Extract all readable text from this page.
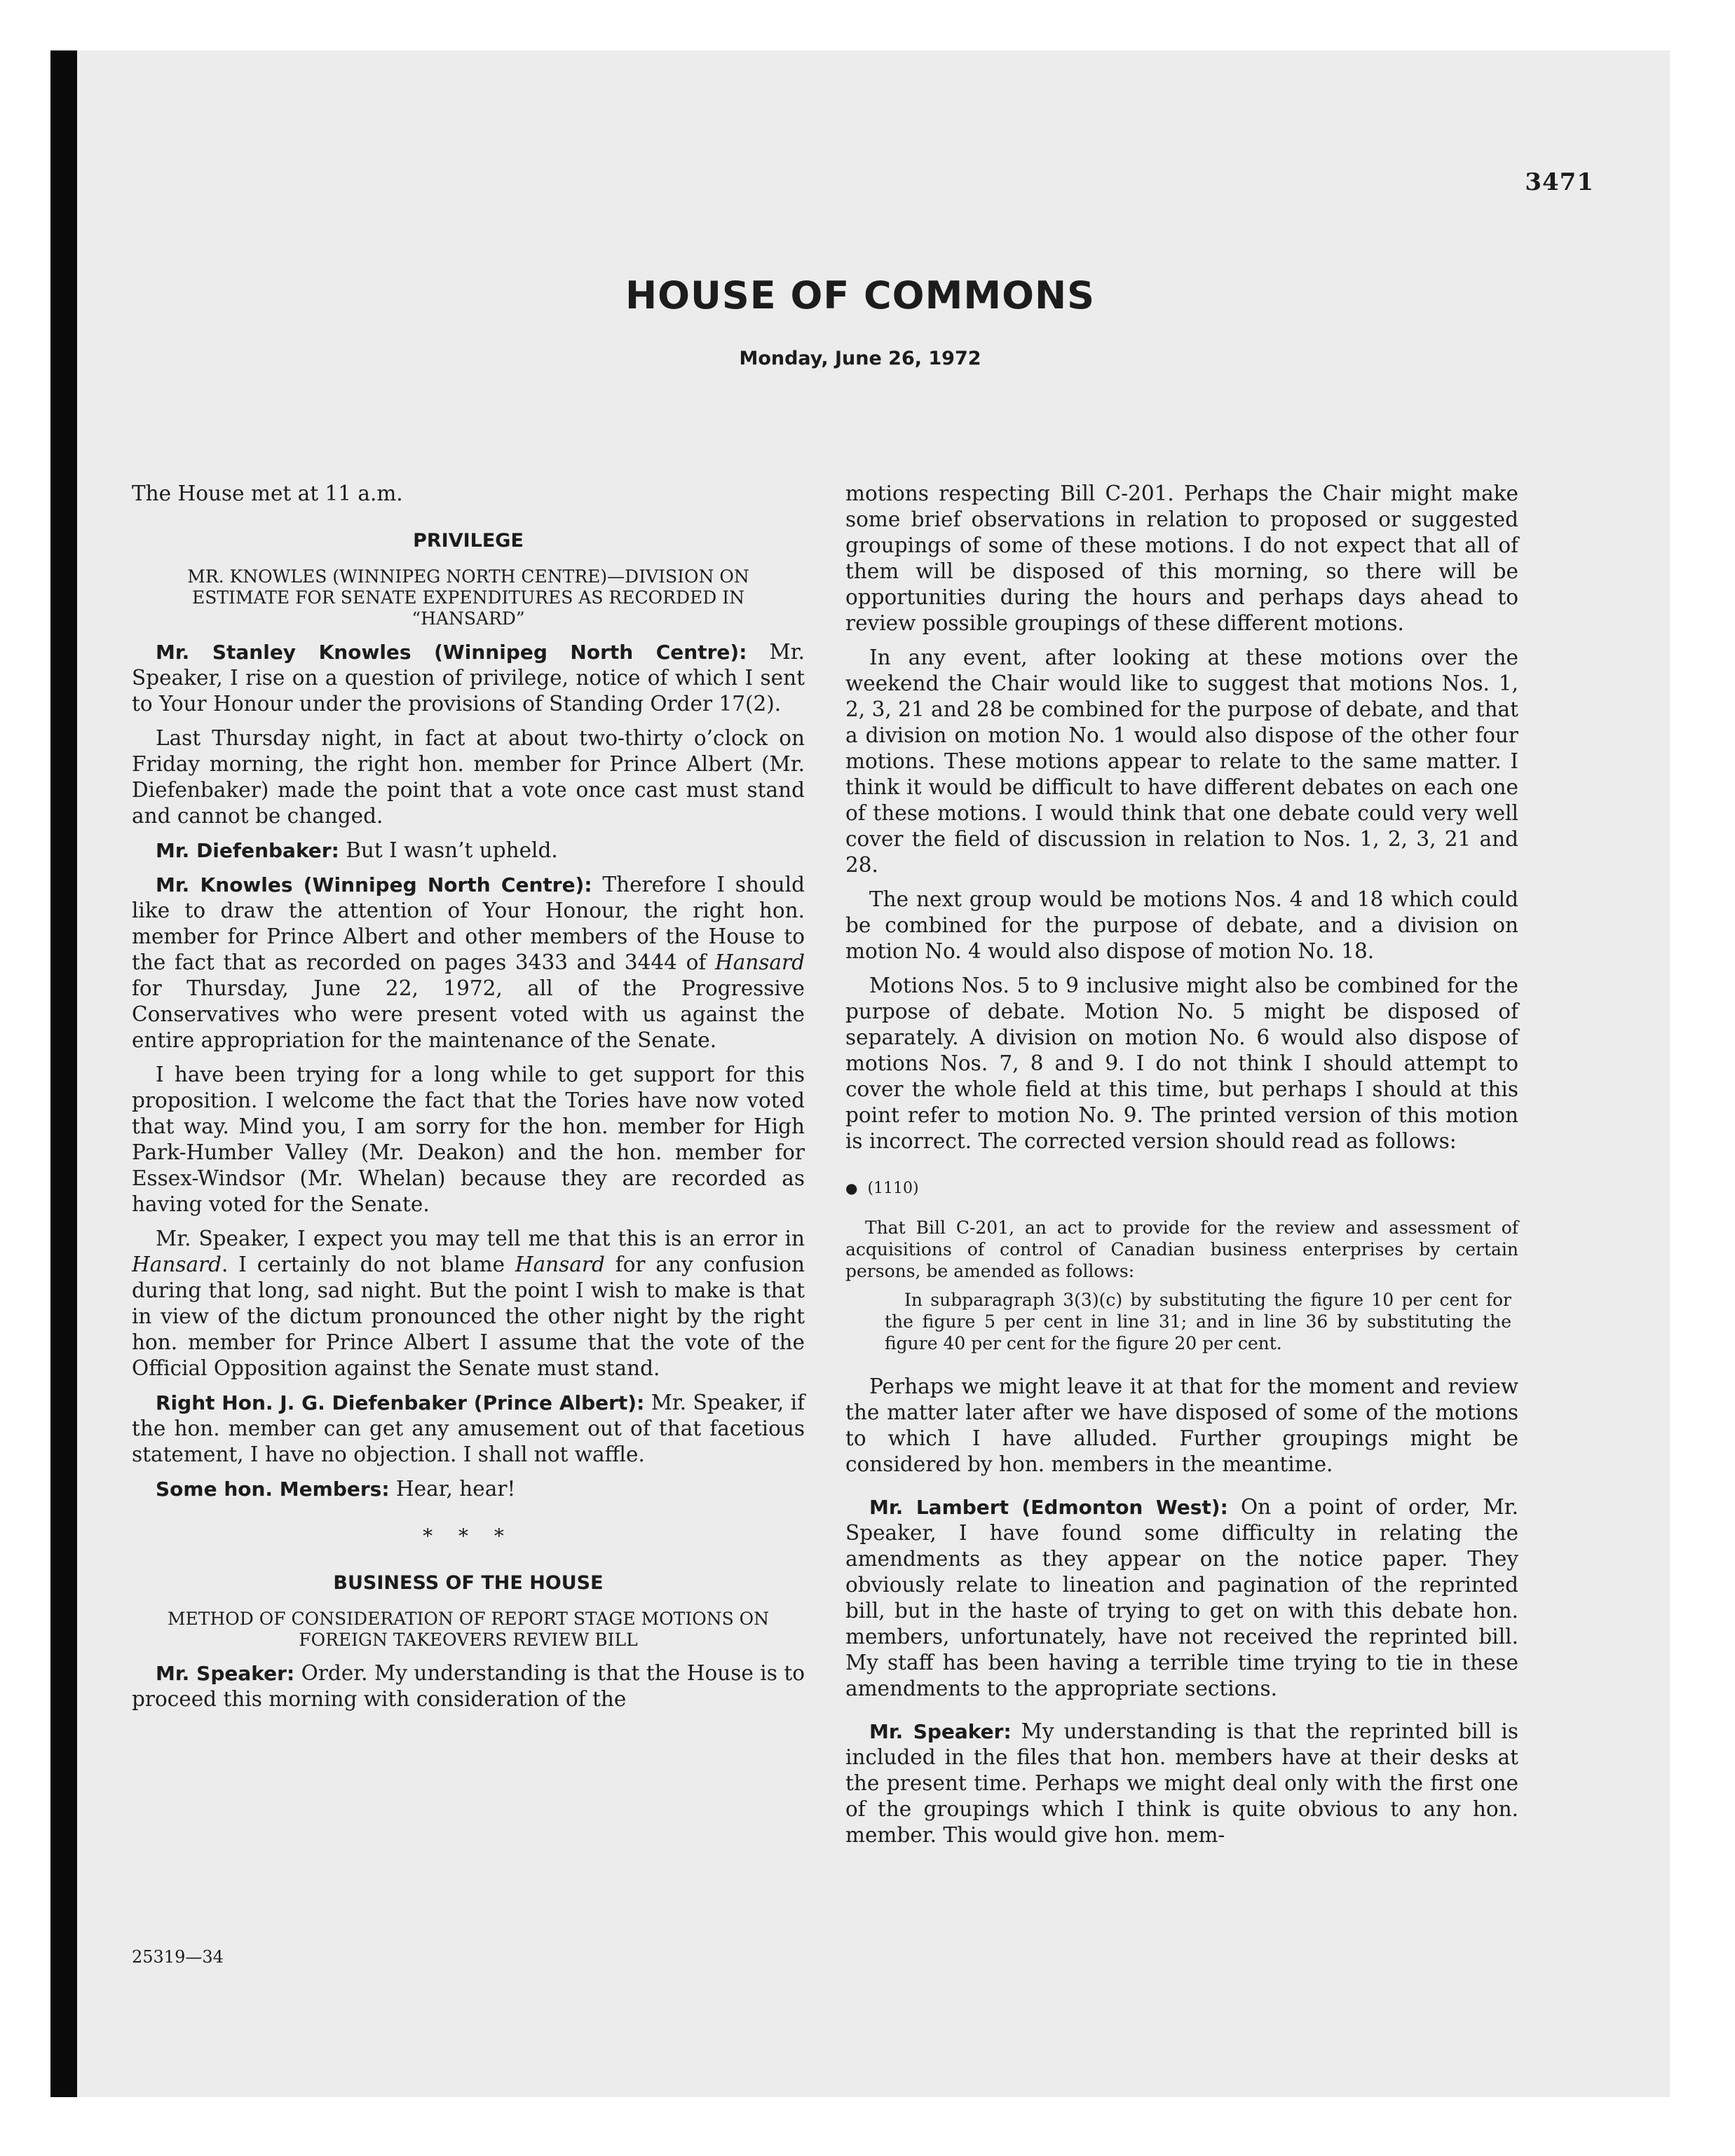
3471
HOUSE OF COMMONS
Monday, June 26, 1972

The House met at 11 a.m.

PRIVILEGE
MR. KNOWLES (WINNIPEG NORTH CENTRE)—DIVISION ON ESTIMATE FOR SENATE EXPENDITURES AS RECORDED IN “HANSARD”

Mr. Stanley Knowles (Winnipeg North Centre): Mr. Speaker, I rise on a question of privilege, notice of which I sent to Your Honour under the provisions of Standing Order 17(2).

Last Thursday night, in fact at about two-thirty o’clock on Friday morning, the right hon. member for Prince Albert (Mr. Diefenbaker) made the point that a vote once cast must stand and cannot be changed.

Mr. Diefenbaker: But I wasn’t upheld.

Mr. Knowles (Winnipeg North Centre): Therefore I should like to draw the attention of Your Honour, the right hon. member for Prince Albert and other members of the House to the fact that as recorded on pages 3433 and 3444 of Hansard for Thursday, June 22, 1972, all of the Progressive Conservatives who were present voted with us against the entire appropriation for the maintenance of the Senate.

I have been trying for a long while to get support for this proposition. I welcome the fact that the Tories have now voted that way. Mind you, I am sorry for the hon. member for High Park-Humber Valley (Mr. Deakon) and the hon. member for Essex-Windsor (Mr. Whelan) because they are recorded as having voted for the Senate.

Mr. Speaker, I expect you may tell me that this is an error in Hansard. I certainly do not blame Hansard for any confusion during that long, sad night. But the point I wish to make is that in view of the dictum pronounced the other night by the right hon. member for Prince Albert I assume that the vote of the Official Opposition against the Senate must stand.

Right Hon. J. G. Diefenbaker (Prince Albert): Mr. Speaker, if the hon. member can get any amusement out of that facetious statement, I have no objection. I shall not waffle.

Some hon. Members: Hear, hear!

* * *
BUSINESS OF THE HOUSE
METHOD OF CONSIDERATION OF REPORT STAGE MOTIONS ON FOREIGN TAKEOVERS REVIEW BILL

Mr. Speaker: Order. My understanding is that the House is to proceed this morning with consideration of the

motions respecting Bill C-201. Perhaps the Chair might make some brief observations in relation to proposed or suggested groupings of some of these motions. I do not expect that all of them will be disposed of this morning, so there will be opportunities during the hours and perhaps days ahead to review possible groupings of these different motions.

In any event, after looking at these motions over the weekend the Chair would like to suggest that motions Nos. 1, 2, 3, 21 and 28 be combined for the purpose of debate, and that a division on motion No. 1 would also dispose of the other four motions. These motions appear to relate to the same matter. I think it would be difficult to have different debates on each one of these motions. I would think that one debate could very well cover the field of discussion in relation to Nos. 1, 2, 3, 21 and 28.

The next group would be motions Nos. 4 and 18 which could be combined for the purpose of debate, and a division on motion No. 4 would also dispose of motion No. 18.

Motions Nos. 5 to 9 inclusive might also be combined for the purpose of debate. Motion No. 5 might be disposed of separately. A division on motion No. 6 would also dispose of motions Nos. 7, 8 and 9. I do not think I should attempt to cover the whole field at this time, but perhaps I should at this point refer to motion No. 9. The printed version of this motion is incorrect. The corrected version should read as follows:

● (1110)
That Bill C-201, an act to provide for the review and assessment of acquisitions of control of Canadian business enterprises by certain persons, be amended as follows:
In subparagraph 3(3)(c) by substituting the figure 10 per cent for the figure 5 per cent in line 31; and in line 36 by substituting the figure 40 per cent for the figure 20 per cent.

Perhaps we might leave it at that for the moment and review the matter later after we have disposed of some of the motions to which I have alluded. Further groupings might be considered by hon. members in the meantime.

Mr. Lambert (Edmonton West): On a point of order, Mr. Speaker, I have found some difficulty in relating the amendments as they appear on the notice paper. They obviously relate to lineation and pagination of the reprinted bill, but in the haste of trying to get on with this debate hon. members, unfortunately, have not received the reprinted bill. My staff has been having a terrible time trying to tie in these amendments to the appropriate sections.

Mr. Speaker: My understanding is that the reprinted bill is included in the files that hon. members have at their desks at the present time. Perhaps we might deal only with the first one of the groupings which I think is quite obvious to any hon. member. This would give hon. mem-

25319—34
